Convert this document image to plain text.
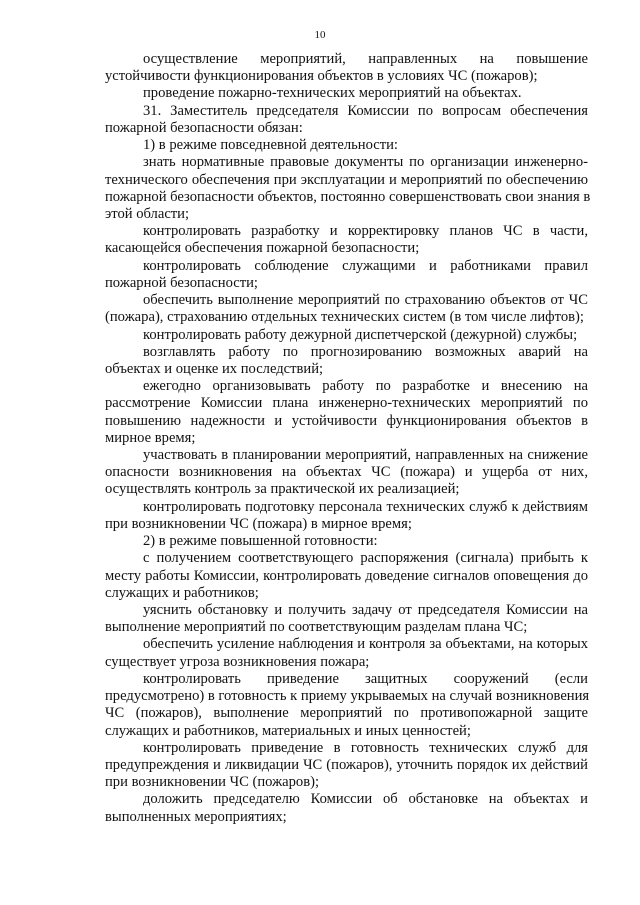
10
осуществление мероприятий, направленных на повышение
устойчивости функционирования объектов в условиях ЧС (пожаров);
проведение пожарно-технических мероприятий на объектах.
31. Заместитель председателя Комиссии по вопросам обеспечения
пожарной безопасности обязан:
1) в режиме повседневной деятельности:
знать нормативные правовые документы по организации инженерно-
технического обеспечения при эксплуатации и мероприятий по обеспечению
пожарной безопасности объектов, постоянно совершенствовать свои знания в
этой области;
контролировать разработку и корректировку планов ЧС в части,
касающейся обеспечения пожарной безопасности;
контролировать соблюдение служащими и работниками правил
пожарной безопасности;
обеспечить выполнение мероприятий по страхованию объектов от ЧС
(пожара), страхованию отдельных технических систем (в том числе лифтов);
контролировать работу дежурной диспетчерской (дежурной) службы;
возглавлять работу по прогнозированию возможных аварий на
объектах и оценке их последствий;
ежегодно организовывать работу по разработке и внесению на
рассмотрение Комиссии плана инженерно-технических мероприятий по
повышению надежности и устойчивости функционирования объектов в
мирное время;
участвовать в планировании мероприятий, направленных на снижение
опасности возникновения на объектах ЧС (пожара) и ущерба от них,
осуществлять контроль за практической их реализацией;
контролировать подготовку персонала технических служб к действиям
при возникновении ЧС (пожара) в мирное время;
2) в режиме повышенной готовности:
с получением соответствующего распоряжения (сигнала) прибыть к
месту работы Комиссии, контролировать доведение сигналов оповещения до
служащих и работников;
уяснить обстановку и получить задачу от председателя Комиссии на
выполнение мероприятий по соответствующим разделам плана ЧС;
обеспечить усиление наблюдения и контроля за объектами, на которых
существует угроза возникновения пожара;
контролировать приведение защитных сооружений (если
предусмотрено) в готовность к приему укрываемых на случай возникновения
ЧС (пожаров), выполнение мероприятий по противопожарной защите
служащих и работников, материальных и иных ценностей;
контролировать приведение в готовность технических служб для
предупреждения и ликвидации ЧС (пожаров), уточнить порядок их действий
при возникновении ЧС (пожаров);
доложить председателю Комиссии об обстановке на объектах и
выполненных мероприятиях;
